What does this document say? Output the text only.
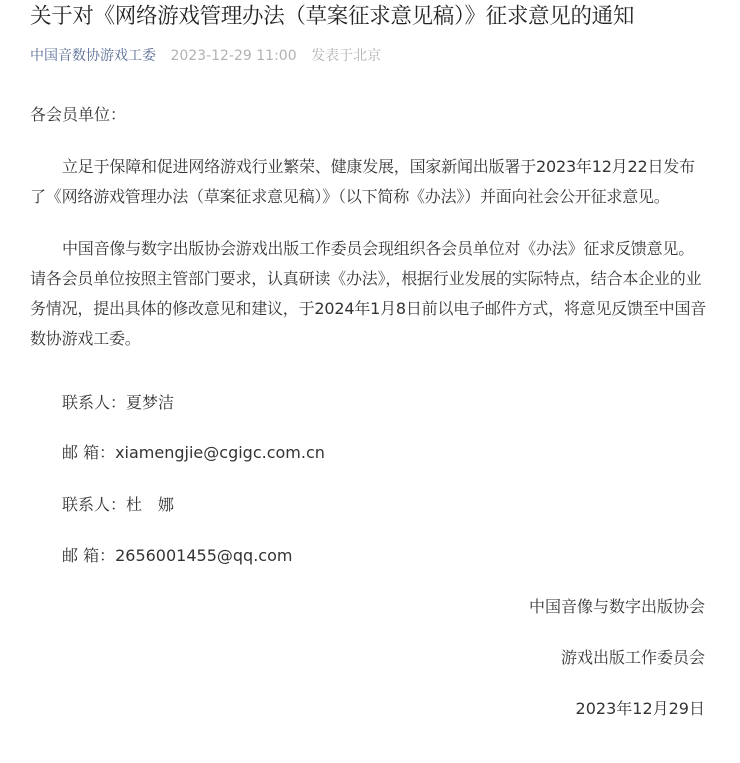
关于对《网络游戏管理办法（草案征求意见稿）》征求意见的通知
中国音数协游戏工委 2023-12-29 11:00 发表于北京

各会员单位：

立足于保障和促进网络游戏行业繁荣、健康发展，国家新闻出版署于2023年12月22日发布了《网络游戏管理办法（草案征求意见稿）》（以下简称《办法》）并面向社会公开征求意见。

中国音像与数字出版协会游戏出版工作委员会现组织各会员单位对《办法》征求反馈意见。请各会员单位按照主管部门要求，认真研读《办法》，根据行业发展的实际特点，结合本企业的业务情况，提出具体的修改意见和建议，于2024年1月8日前以电子邮件方式，将意见反馈至中国音数协游戏工委。

联系人：夏梦洁
邮 箱：xiamengjie@cgigc.com.cn
联系人：杜　娜
邮 箱：2656001455@qq.com
中国音像与数字出版协会
游戏出版工作委员会
2023年12月29日
